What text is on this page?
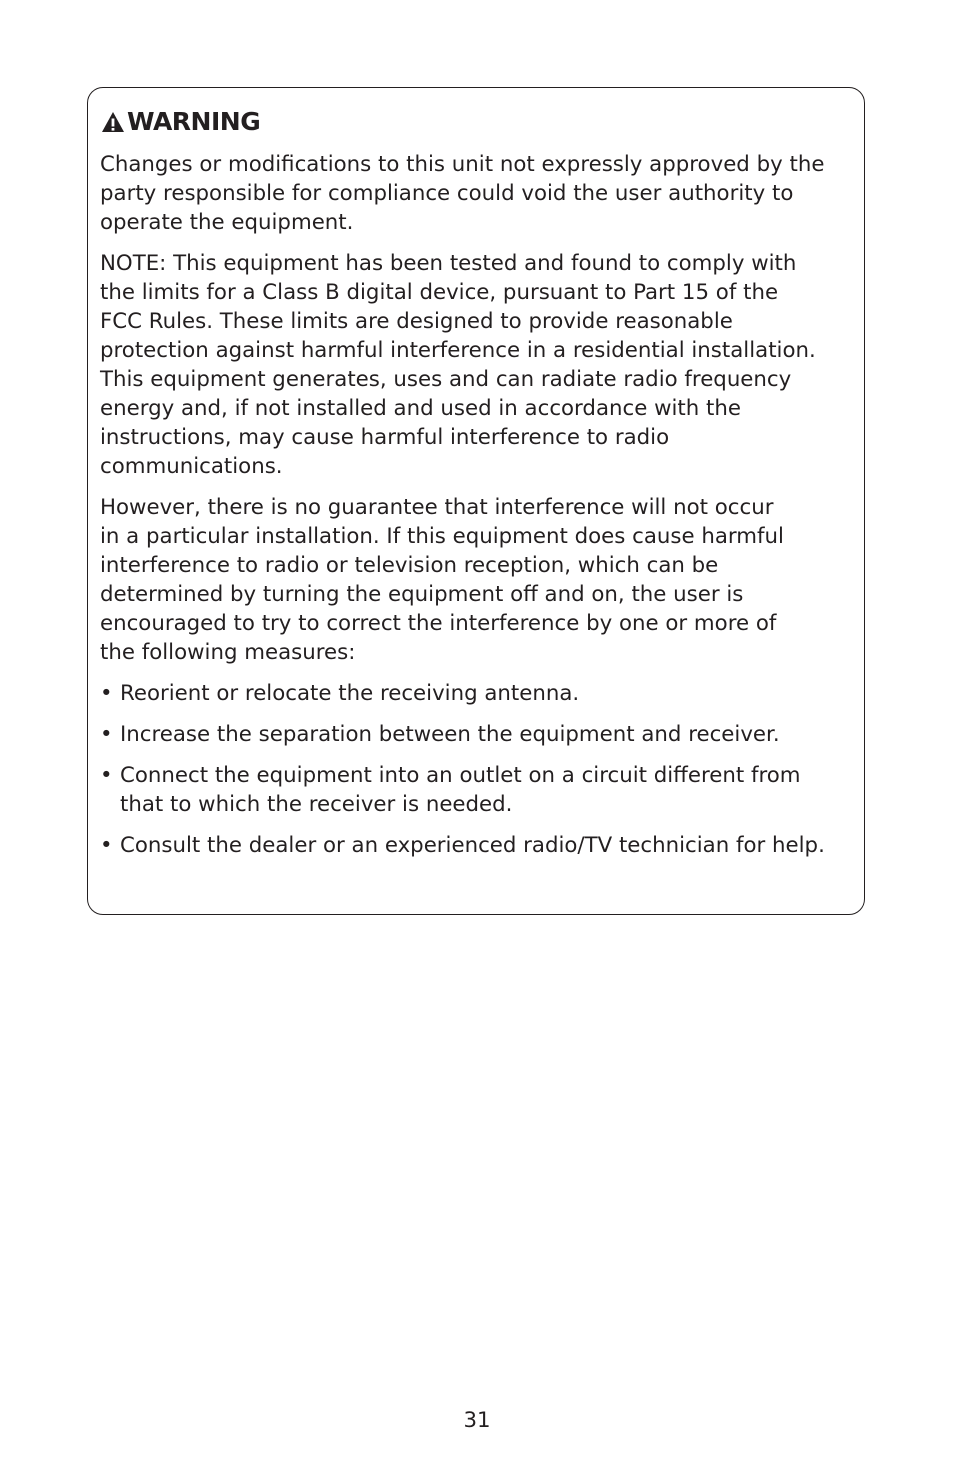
WARNING

Changes or modifications to this unit not expressly approved by the
party responsible for compliance could void the user authority to
operate the equipment.

NOTE: This equipment has been tested and found to comply with
the limits for a Class B digital device, pursuant to Part 15 of the
FCC Rules. These limits are designed to provide reasonable
protection against harmful interference in a residential installation.
This equipment generates, uses and can radiate radio frequency
energy and, if not installed and used in accordance with the
instructions, may cause harmful interference to radio
communications.

However, there is no guarantee that interference will not occur
in a particular installation. If this equipment does cause harmful
interference to radio or television reception, which can be
determined by turning the equipment off and on, the user is
encouraged to try to correct the interference by one or more of
the following measures:

• Reorient or relocate the receiving antenna.
• Increase the separation between the equipment and receiver.
• Connect the equipment into an outlet on a circuit different from
that to which the receiver is needed.
• Consult the dealer or an experienced radio/TV technician for help.
31
